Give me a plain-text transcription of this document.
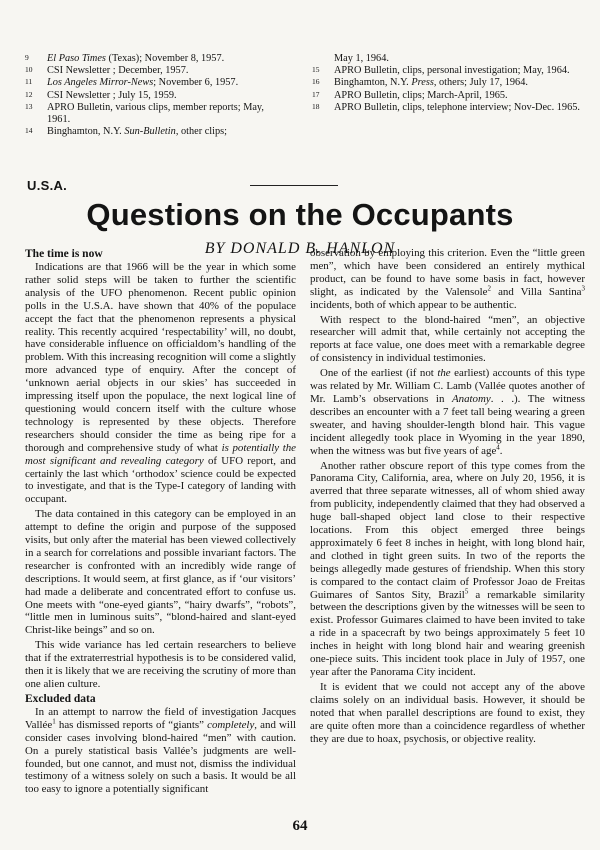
9 El Paso Times (Texas); November 8, 1957.
10 CSI Newsletter ; December, 1957.
11 Los Angeles Mirror-News; November 6, 1957.
12 CSI Newsletter ; July 15, 1959.
13 APRO Bulletin, various clips, member reports; May, 1961.
14 Binghamton, N.Y. Sun-Bulletin, other clips;
May 1, 1964.
15 APRO Bulletin, clips, personal investigation; May, 1964.
16 Binghamton, N.Y. Press, others; July 17, 1964.
17 APRO Bulletin, clips; March-April, 1965.
18 APRO Bulletin, clips, telephone interview; Nov-Dec. 1965.
U.S.A.
Questions on the Occupants
BY DONALD B. HANLON
The time is now

Indications are that 1966 will be the year in which some rather solid steps will be taken to further the scientific analysis of the UFO phenomenon. Recent public opinion polls in the U.S.A. have shown that 40% of the populace accept the fact that the phenomenon represents a physical reality. This recently acquired ‘respectability’ will, no doubt, have considerable influence on officialdom’s handling of the problem. With this increasing recognition will come a slightly more advanced type of enquiry. After the concept of ‘unknown aerial objects in our skies’ has succeeded in impressing itself upon the populace, the next logical line of questioning would concern itself with the culture whose technology is represented by these objects. Therefore researchers should consider the time as being ripe for a thorough and comprehensive study of what is potentially the most significant and revealing category of UFO report, and certainly the last which ‘orthodox’ science could be expected to investigate, and that is the Type-I category of landing with occupant.

The data contained in this category can be employed in an attempt to define the origin and purpose of the supposed visits, but only after the material has been viewed collectively in a search for correlations and possible invariant factors. The researcher is confronted with an incredibly wide range of descriptions. It would seem, at first glance, as if ‘our visitors’ had made a deliberate and concentrated effort to confuse us. One meets with “one-eyed giants”, “hairy dwarfs”, “robots”, “little men in luminous suits”, “blond-haired and slant-eyed Christ-like beings” and so on.

This wide variance has led certain researchers to believe that if the extraterrestrial hypothesis is to be considered valid, then it is likely that we are receiving the scrutiny of more than one alien culture.

Excluded data

In an attempt to narrow the field of investigation Jacques Vallée$^1$ has dismissed reports of “giants” completely, and will consider cases involving blond-haired “men” with caution. On a purely statistical basis Vallée’s judgments are well-founded, but one cannot, and must not, dismiss the individual testimony of a witness solely on such a basis. It would be all too easy to ignore a potentially significant

observation by employing this criterion. Even the “little green men”, which have been considered an entirely mythical product, can be found to have some basis in fact, however slight, as indicated by the Valensole$^2$ and Villa Santina$^3$ incidents, both of which appear to be authentic.

With respect to the blond-haired “men”, an objective researcher will admit that, while certainly not accepting the reports at face value, one does meet with a remarkable degree of consistency in individual testimonies.

One of the earliest (if not the earliest) accounts of this type was related by Mr. William C. Lamb (Vallée quotes another of Mr. Lamb’s observations in Anatomy. . .). The witness describes an encounter with a 7 feet tall being wearing a green sweater, and having shoulder-length blond hair. This vague incident allegedly took place in Wyoming in the year 1890, when the witness was but five years of age$^4$.

Another rather obscure report of this type comes from the Panorama City, California, area, where on July 20, 1956, it is averred that three separate witnesses, all of whom shied away from publicity, independently claimed that they had observed a huge ball-shaped object land close to their respective locations. From this object emerged three beings approximately 6 feet 8 inches in height, with long blond hair, and clothed in tight green suits. In two of the reports the beings allegedly made gestures of friendship. When this story is compared to the contact claim of Professor Joao de Freitas Guimares of Santos Sity, Brazil$^5$ a remarkable similarity between the descriptions given by the witnesses will be seen to exist. Professor Guimares claimed to have been invited to take a ride in a spacecraft by two beings approximately 5 feet 10 inches in height with long blond hair and wearing greenish one-piece suits. This incident took place in July of 1957, one year after the Panorama City incident.

It is evident that we could not accept any of the above claims solely on an individual basis. However, it should be noted that when parallel descriptions are found to exist, they are quite often more than a coincidence regardless of whether they are due to hoax, psychosis, or objective reality.

64
